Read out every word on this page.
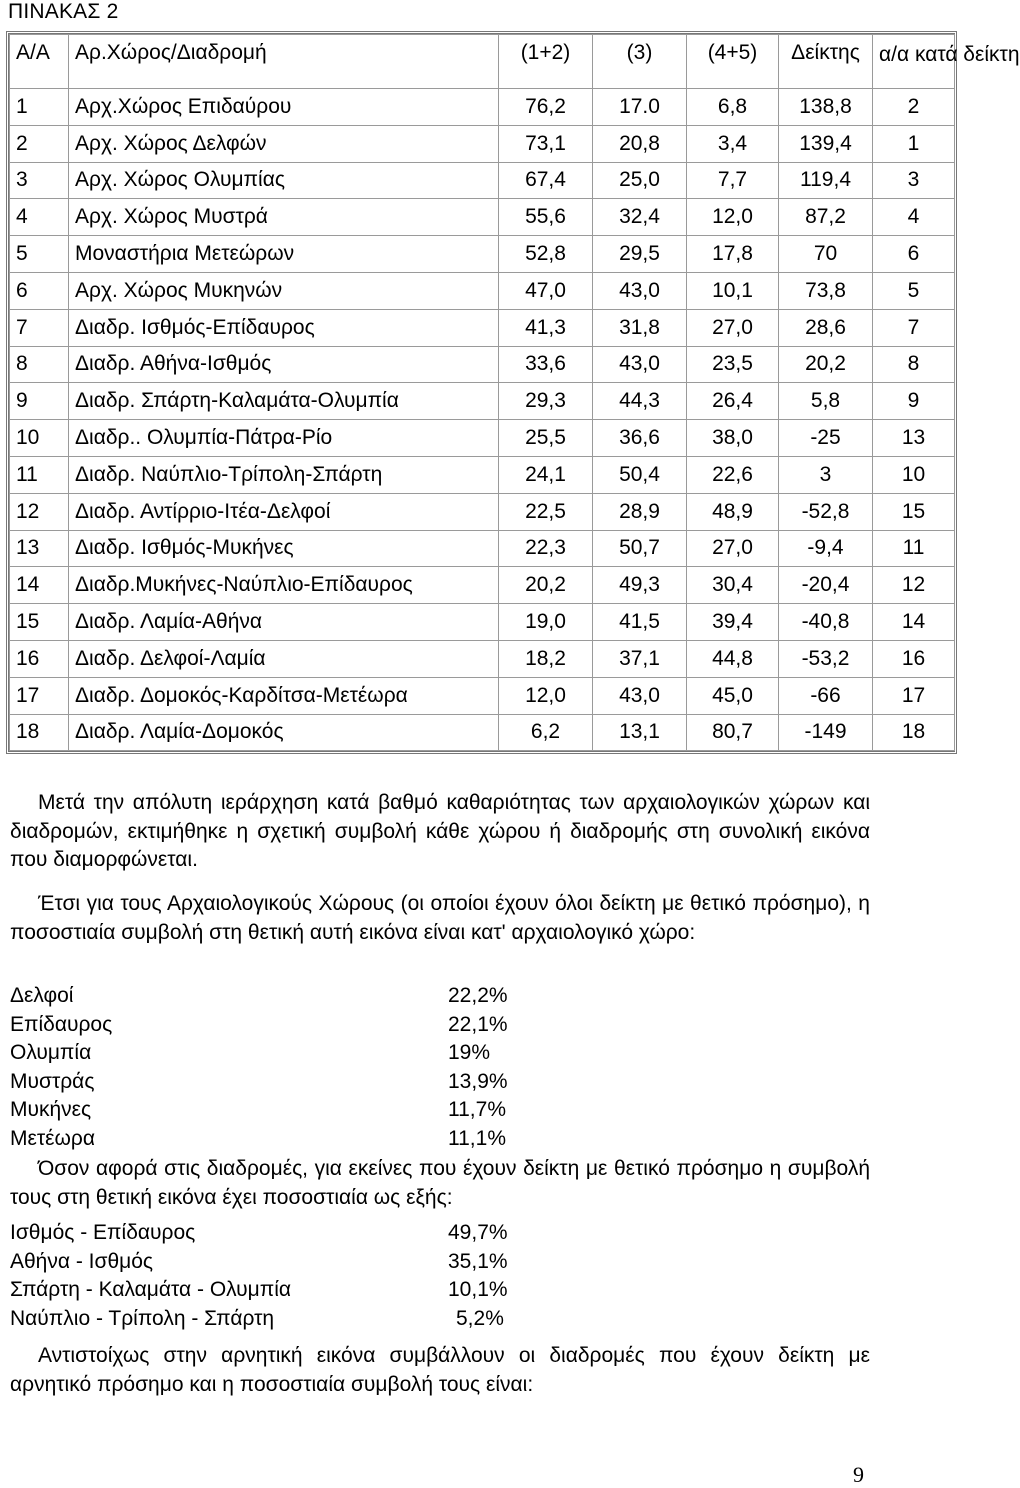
ΠΙΝΑΚΑΣ 2
Α/Α	Αρ.Χώρος/Διαδρομή	(1+2)	(3)	(4+5)	Δείκτης	α/α κατά δείκτη
1	Αρχ.Χώρος Επιδαύρου	76,2	17.0	6,8	138,8	2
2	Αρχ. Χώρος Δελφών	73,1	20,8	3,4	139,4	1
3	Αρχ. Χώρος Ολυμπίας	67,4	25,0	7,7	119,4	3
4	Αρχ. Χώρος Μυστρά	55,6	32,4	12,0	87,2	4
5	Μοναστήρια Μετεώρων	52,8	29,5	17,8	70	6
6	Αρχ. Χώρος Μυκηνών	47,0	43,0	10,1	73,8	5
7	Διαδρ. Ισθμός-Επίδαυρος	41,3	31,8	27,0	28,6	7
8	Διαδρ. Αθήνα-Ισθμός	33,6	43,0	23,5	20,2	8
9	Διαδρ. Σπάρτη-Καλαμάτα-Ολυμπία	29,3	44,3	26,4	5,8	9
10	Διαδρ.. Ολυμπία-Πάτρα-Ρίο	25,5	36,6	38,0	-25	13
11	Διαδρ. Ναύπλιο-Τρίπολη-Σπάρτη	24,1	50,4	22,6	3	10
12	Διαδρ. Αντίρριο-Ιτέα-Δελφοί	22,5	28,9	48,9	-52,8	15
13	Διαδρ. Ισθμός-Μυκήνες	22,3	50,7	27,0	-9,4	11
14	Διαδρ.Μυκήνες-Ναύπλιο-Επίδαυρος	20,2	49,3	30,4	-20,4	12
15	Διαδρ. Λαμία-Αθήνα	19,0	41,5	39,4	-40,8	14
16	Διαδρ. Δελφοί-Λαμία	18,2	37,1	44,8	-53,2	16
17	Διαδρ. Δομοκός-Καρδίτσα-Μετέωρα	12,0	43,0	45,0	-66	17
18	Διαδρ. Λαμία-Δομοκός	6,2	13,1	80,7	-149	18
Μετά την απόλυτη ιεράρχηση κατά βαθμό καθαριότητας των αρχαιολογικών χώρων και διαδρομών, εκτιμήθηκε η σχετική συμβολή κάθε χώρου ή διαδρομής στη συνολική εικόνα που διαμορφώνεται.
Έτσι για τους Αρχαιολογικούς Χώρους (οι οποίοι έχουν όλοι δείκτη με θετικό πρόσημο), η ποσοστιαία συμβολή στη θετική αυτή εικόνα είναι κατ' αρχαιολογικό χώρο:
Δελφοί	22,2%
Επίδαυρος	22,1%
Ολυμπία	19%
Μυστράς	13,9%
Μυκήνες	11,7%
Μετέωρα	11,1%
Όσον αφορά στις διαδρομές, για εκείνες που έχουν δείκτη με θετικό πρόσημο η συμβολή τους στη θετική εικόνα έχει ποσοστιαία ως εξής:
Ισθμός - Επίδαυρος	49,7%
Αθήνα - Ισθμός	35,1%
Σπάρτη - Καλαμάτα - Ολυμπία	10,1%
Ναύπλιο - Τρίπολη - Σπάρτη	5,2%
Αντιστοίχως στην αρνητική εικόνα συμβάλλουν οι διαδρομές που έχουν δείκτη με αρνητικό πρόσημο και η ποσοστιαία συμβολή τους είναι:
9
